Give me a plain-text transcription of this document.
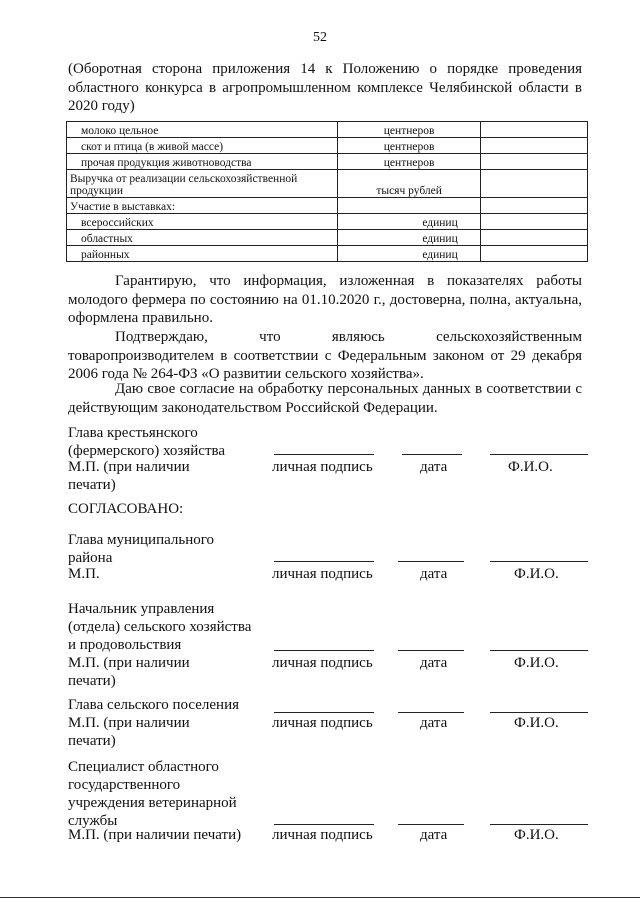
52
(Оборотная сторона приложения 14 к Положению о порядке проведения областного конкурса в агропромышленном комплексе Челябинской области в 2020 году)
молоко цельное	центнеров	
скот и птица (в живой массе)	центнеров	
прочая продукция животноводства	центнеров	
Выручка от реализации сельскохозяйственной продукции	тысяч рублей	
Участие в выставках:		
всероссийских	единиц	
областных	единиц	
районных	единиц	
Гарантирую, что информация, изложенная в показателях работы молодого фермера по состоянию на 01.10.2020 г., достоверна, полна, актуальна, оформлена правильно.
Подтверждаю, что являюсь сельскохозяйственным товаропроизводителем в соответствии с Федеральным законом от 29 декабря 2006 года № 264-ФЗ «О развитии сельского хозяйства».
Даю свое согласие на обработку персональных данных в соответствии с действующим законодательством Российской Федерации.
Глава крестьянского (фермерского) хозяйства
М.П. (при наличии печати)
личная подпись	дата	Ф.И.О.
СОГЛАСОВАНО:
Глава муниципального района
М.П.	личная подпись	дата	Ф.И.О.
Начальник управления (отдела) сельского хозяйства и продовольствия
М.П. (при наличии печати)
личная подпись	дата	Ф.И.О.
Глава сельского поселения
М.П. (при наличии печати)
личная подпись	дата	Ф.И.О.
Специалист областного государственного учреждения ветеринарной службы
М.П. (при наличии печати) личная подпись	дата	Ф.И.О.
